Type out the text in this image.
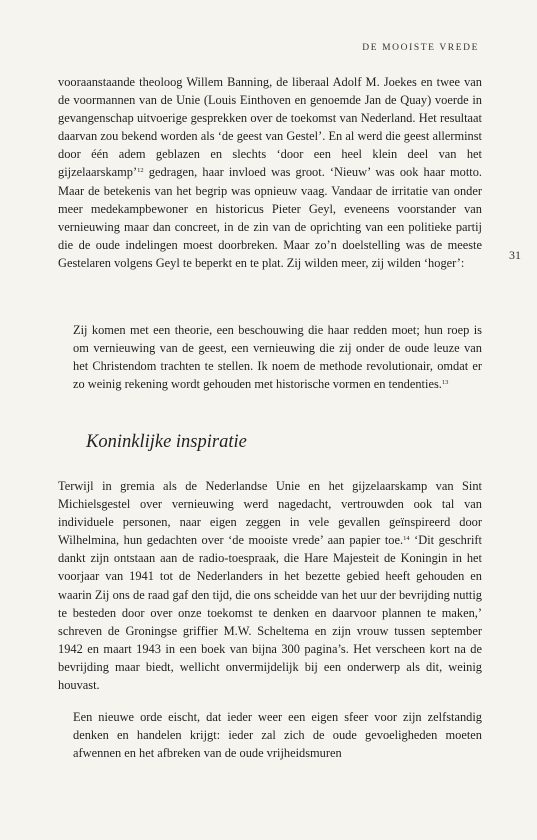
DE MOOISTE VREDE
31

vooraanstaande theoloog Willem Banning, de liberaal Adolf M. Joekes en twee van de voormannen van de Unie (Louis Einthoven en genoemde Jan de Quay) voerde in gevangenschap uitvoerige gesprekken over de toekomst van Nederland. Het resultaat daarvan zou bekend worden als ‘de geest van Gestel’. En al werd die geest allerminst door één adem geblazen en slechts ‘door een heel klein deel van het gijzelaarskamp’$^{12}$ gedragen, haar invloed was groot. ‘Nieuw’ was ook haar motto. Maar de betekenis van het begrip was opnieuw vaag. Vandaar de irritatie van onder meer medekampbewoner en historicus Pieter Geyl, eveneens voorstander van vernieuwing maar dan concreet, in de zin van de oprichting van een politieke partij die de oude indelingen moest doorbreken. Maar zo’n doelstelling was de meeste Gestelaren volgens Geyl te beperkt en te plat. Zij wilden meer, zij wilden ‘hoger’:

Zij komen met een theorie, een beschouwing die haar redden moet; hun roep is om vernieuwing van de geest, een vernieuwing die zij onder de oude leuze van het Christendom trachten te stellen. Ik noem de methode revolutionair, omdat er zo weinig rekening wordt gehouden met historische vormen en tendenties.$^{13}$
Koninklijke inspiratie

Terwijl in gremia als de Nederlandse Unie en het gijzelaarskamp van Sint Michielsgestel over vernieuwing werd nagedacht, vertrouwden ook tal van individuele personen, naar eigen zeggen in vele gevallen geïnspireerd door Wilhelmina, hun gedachten over ‘de mooiste vrede’ aan papier toe.$^{14}$ ‘Dit geschrift dankt zijn ontstaan aan de radio-toespraak, die Hare Majesteit de Koningin in het voorjaar van 1941 tot de Nederlanders in het bezette gebied heeft gehouden en waarin Zij ons de raad gaf den tijd, die ons scheidde van het uur der bevrijding nuttig te besteden door over onze toekomst te denken en daarvoor plannen te maken,’ schreven de Groningse griffier M.W. Scheltema en zijn vrouw tussen september 1942 en maart 1943 in een boek van bijna 300 pagina’s. Het verscheen kort na de bevrijding maar biedt, wellicht onvermijdelijk bij een onderwerp als dit, weinig houvast.

Een nieuwe orde eischt, dat ieder weer een eigen sfeer voor zijn zelfstandig denken en handelen krijgt: ieder zal zich de oude gevoeligheden moeten afwennen en het afbreken van de oude vrijheidsmuren
